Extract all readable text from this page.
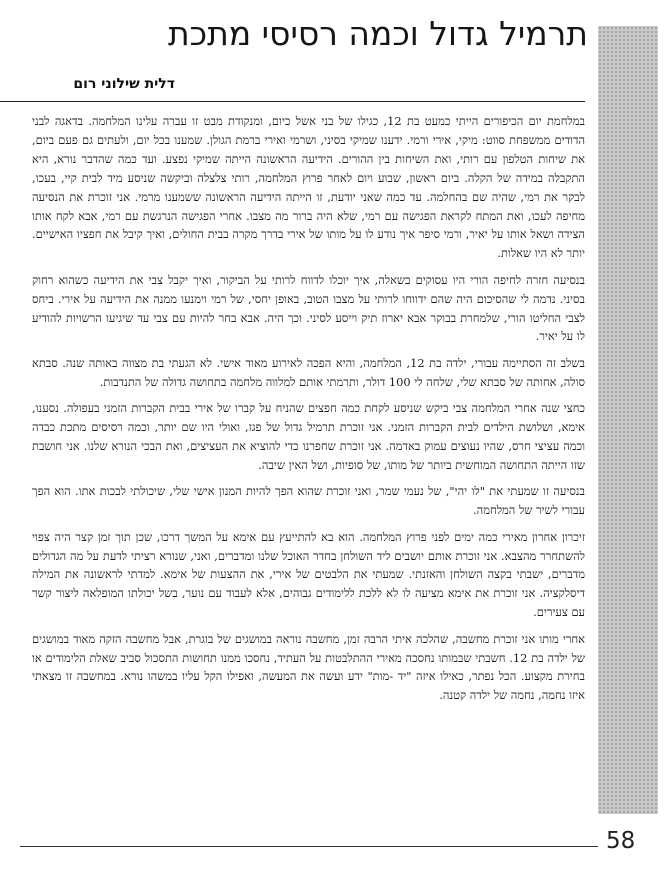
תרמיל גדול וכמה רסיסי מתכת
דלית שילוני רום

במלחמת יום הכיפורים הייתי כמעט בת 12, כגילו של בני אשל כיום, ומנקודת מבט זו עברה עלינו המלחמה. בדאגה לבני הדודים ממשפחת סווט: מיקי, אירי ורמי. ידענו שמיקי בסיני, ושרמי ואירי ברמת הגולן. שמענו בכל יום, ולעתים גם פעם ביום, את שיחות הטלפון עם רותי, ואת השיחות בין ההורים. הידיעה הראשונה הייתה שמיקי נפצע. ועד כמה שהדבר נורא, היא התקבלה במידה של הקלה. ביום ראשון, שבוע ויום לאחר פרוץ המלחמה, רותי צלצלה וביקשה שניסע מיד לבית קיי, בעכו, לבקר את רמי, שהיה שם בהחלמה. עד כמה שאני יודעת, זו הייתה הידיעה הראשונה ששמענו מרמי. אני זוכרת את הנסיעה מחיפה לעכו, ואת המתח לקראת הפגישה עם רמי, שלא היה ברור מה מצבו. אחרי הפגישה הנרגשת עם רמי, אבא לקח אותו הצידה ושאל אותו על יאיר, ורמי סיפר איך נודע לו על מותו של אירי בדרך מקרה בבית החולים, ואיך קיבל את חפציו האישיים. יותר לא היו שאלות.

בנסיעה חזרה לחיפה הורי היו עסוקים בשאלה, איך יוכלו לדווח לרותי על הביקור, ואיך יקבל צבי את הידיעה כשהוא רחוק בסיני. נדמה לי שהסיכום היה שהם ידווחו לרותי על מצבו הטוב, באופן יחסי, של רמי וימנעו ממנה את הידיעה על אירי. ביחס לצבי החליטו הורי, שלמחרת בבוקר אבא יארוז תיק וייסע לסיני. וכך היה. אבא בחר להיות עם צבי עד שיגיעו הרשויות להודיע לו על יאיר.

בשלב זה הסתיימה עבורי, ילדה בת 12, המלחמה, והיא הפכה לאירוע מאוד אישי. לא הגעתי בת מצווה באותה שנה. סבתא סולה, אחותה של סבתא שלי, שלחה לי 100 דולר, ותרמתי אותם למלווה מלחמה בתחושה גדולה של התנדבות.

כחצי שנה אחרי המלחמה צבי ביקש שניסע לקחת כמה חפצים שהניח על קברו של אירי בבית הקברות הזמני בעפולה. נסענו, אימא, ושלושת הילדים לבית הקברות הזמני. אני זוכרת תרמיל גדול של פגז, ואולי היו שם יותר, וכמה רסיסים מתכת כבדה וכמה עציצי חרס, שהיו נעוצים עמוק באדמה. אני זוכרת שחפרנו כדי להוציא את העציצים, ואת הבכי הנורא שלנו. אני חושבת שזו הייתה התחושה המוחשית ביותר של מותו, של סופיות, ושל האין שיבה.

בנסיעה זו שמעתי את "לו יהי", של נעמי שמר, ואני זוכרת שהוא הפך להיות המנון אישי שלי, שיכולתי לבכות אתו. הוא הפך עבורי לשיר של המלחמה.

זיכרון אחרון מאירי כמה ימים לפני פרוץ המלחמה. הוא בא להתייעץ עם אימא על המשך דרכו, שכן תוך זמן קצר היה צפוי להשתחרר מהצבא. אני זוכרת אותם יושבים ליד השולחן בחדר האוכל שלנו ומדברים, ואני, שנורא רציתי לדעת על מה הגדולים מדברים, ישבתי בקצה השולחן והאזנתי. שמעתי את הלבטים של אירי, את ההצעות של אימא. למדתי לראשונה את המילה דיסלקציה. אני זוכרת את אימא מציעה לו לא ללכת ללימודים גבוהים, אלא לעבוד עם נוער, בשל יכולתו המופלאה ליצור קשר עם צעירים.

אחרי מותו אני זוכרת מחשבה, שהלכה איתי הרבה זמן, מחשבה נוראה במושגים של בוגרת, אבל מחשבה הזקה מאוד במושגים של ילדה בת 12. חשבתי שבמותו נחסכה מאירי ההתלבטות על העתיד, נחסכו ממנו תחושות התסכול סביב שאלת הלימודים או בחירת מקצוע. הכל נפתר, כאילו איזה "יד -מות" ידע ועשה את המעשה, ואפילו הקל עליו במשהו נורא. במחשבה זו מצאתי איזו נחמה, נחמה של ילדה קטנה.

58
